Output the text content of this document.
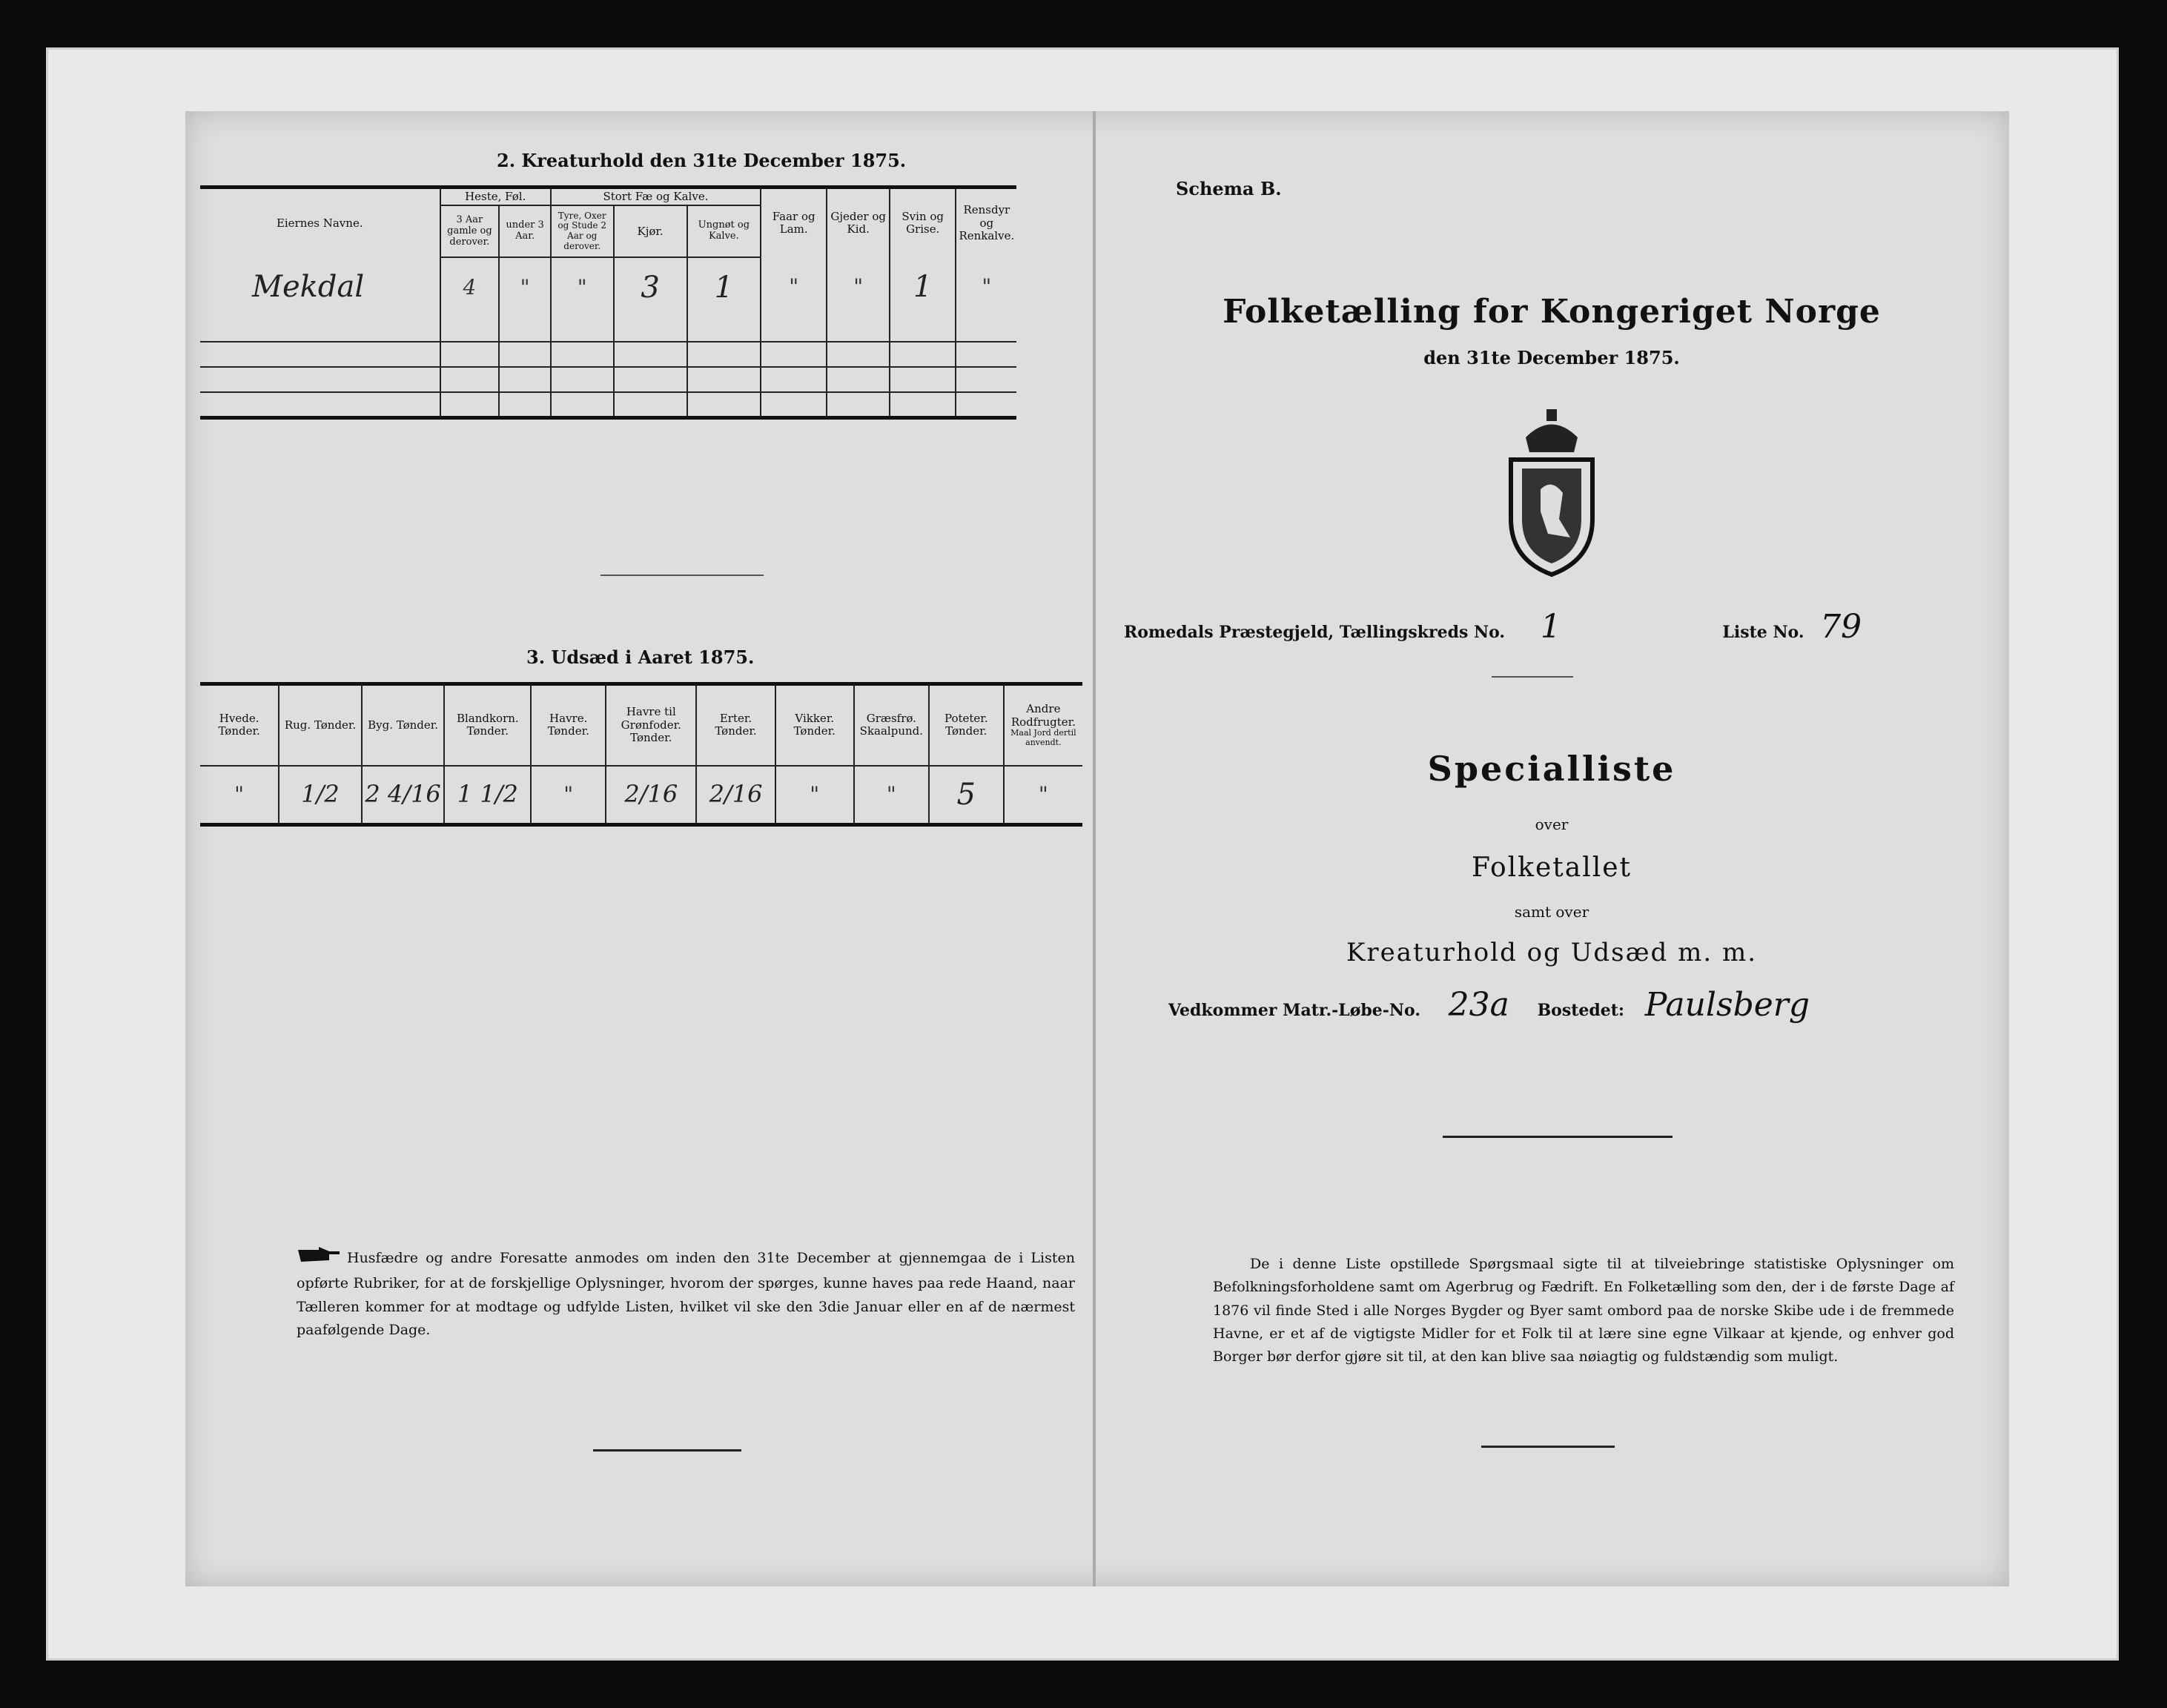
2. Kreaturhold den 31te December 1875.
Eiernes Navne.	Heste, Føl.		Stort Fæ og Kalve.			Faar og Lam.	Gjeder og Kid.	Svin og Grise.	Rensdyr og Renkalve.
	3 Aar gamle og derover.	under 3 Aar.	Tyre, Oxer og Stude 2 Aar og derover.	Kjør.	Ungnøt og Kalve.				
Mekdal	4	"	"	3	1	"	"	1	"

3. Udsæd i Aaret 1875.
Hvede. Tønder.	Rug. Tønder.	Byg. Tønder.	Blandkorn. Tønder.	Havre. Tønder.	Havre til Grønfoder. Tønder.	Erter. Tønder.	Vikker. Tønder.	Græsfrø. Skaalpund.	Poteter. Tønder.	Andre Rodfrugter.
Maal Jord dertil anvendt.

"	1/2	2 4/16	1 1/2	"	2/16	2/16	"	"	5	"
Husfædre og andre Foresatte anmodes om inden den 31te December at gjennemgaa de i Listen opførte Rubriker, for at de forskjellige Oplysninger, hvorom der spørges, kunne haves paa rede Haand, naar Tælleren kommer for at modtage og udfylde Listen, hvilket vil ske den 3die Januar eller en af de nærmest paafølgende Dage.
Schema B.
Folketælling for Kongeriget Norge
den 31te December 1875.
Romedals Præstegjeld, Tællingskreds No. 1	Liste No. 79
Specialliste
over
Folketallet
samt over
Kreaturhold og Udsæd m. m.
Vedkommer Matr.-Løbe-No. 23a Bostedet: Paulsberg
De i denne Liste opstillede Spørgsmaal sigte til at tilveiebringe statistiske Oplysninger om Befolkningsforholdene samt om Agerbrug og Fædrift. En Folketælling som den, der i de første Dage af 1876 vil finde Sted i alle Norges Bygder og Byer samt ombord paa de norske Skibe ude i de fremmede Havne, er et af de vigtigste Midler for et Folk til at lære sine egne Vilkaar at kjende, og enhver god Borger bør derfor gjøre sit til, at den kan blive saa nøiagtig og fuldstændig som muligt.
